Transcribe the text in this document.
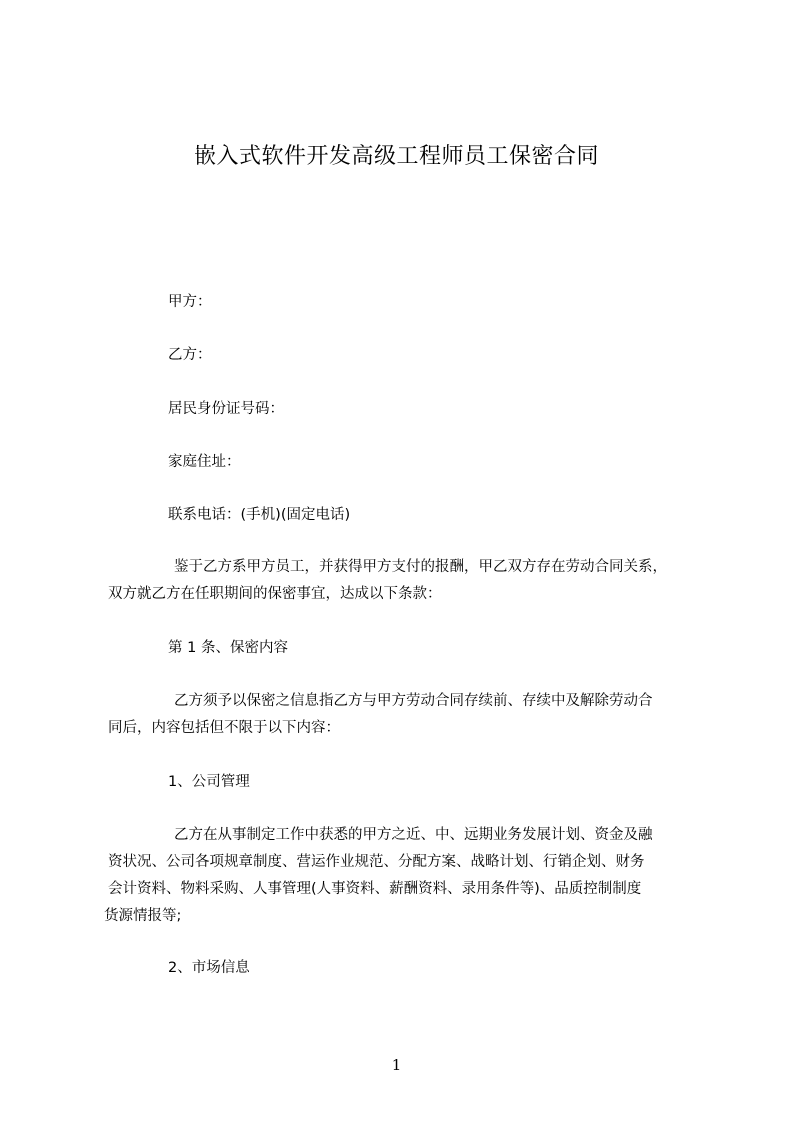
嵌入式软件开发高级工程师员工保密合同
甲方：
乙方：
居民身份证号码：
家庭住址：
联系电话：(手机)(固定电话)
鉴于乙方系甲方员工，并获得甲方支付的报酬，甲乙双方存在劳动合同关系，
双方就乙方在任职期间的保密事宜，达成以下条款：
第 1 条、保密内容
乙方须予以保密之信息指乙方与甲方劳动合同存续前、存续中及解除劳动合
同后，内容包括但不限于以下内容：
1、公司管理
乙方在从事制定工作中获悉的甲方之近、中、远期业务发展计划、资金及融
资状况、公司各项规章制度、营运作业规范、分配方案、战略计划、行销企划、财务
会计资料、物料采购、人事管理(人事资料、薪酬资料、录用条件等)、品质控制制度
货源情报等;
2、市场信息
1
